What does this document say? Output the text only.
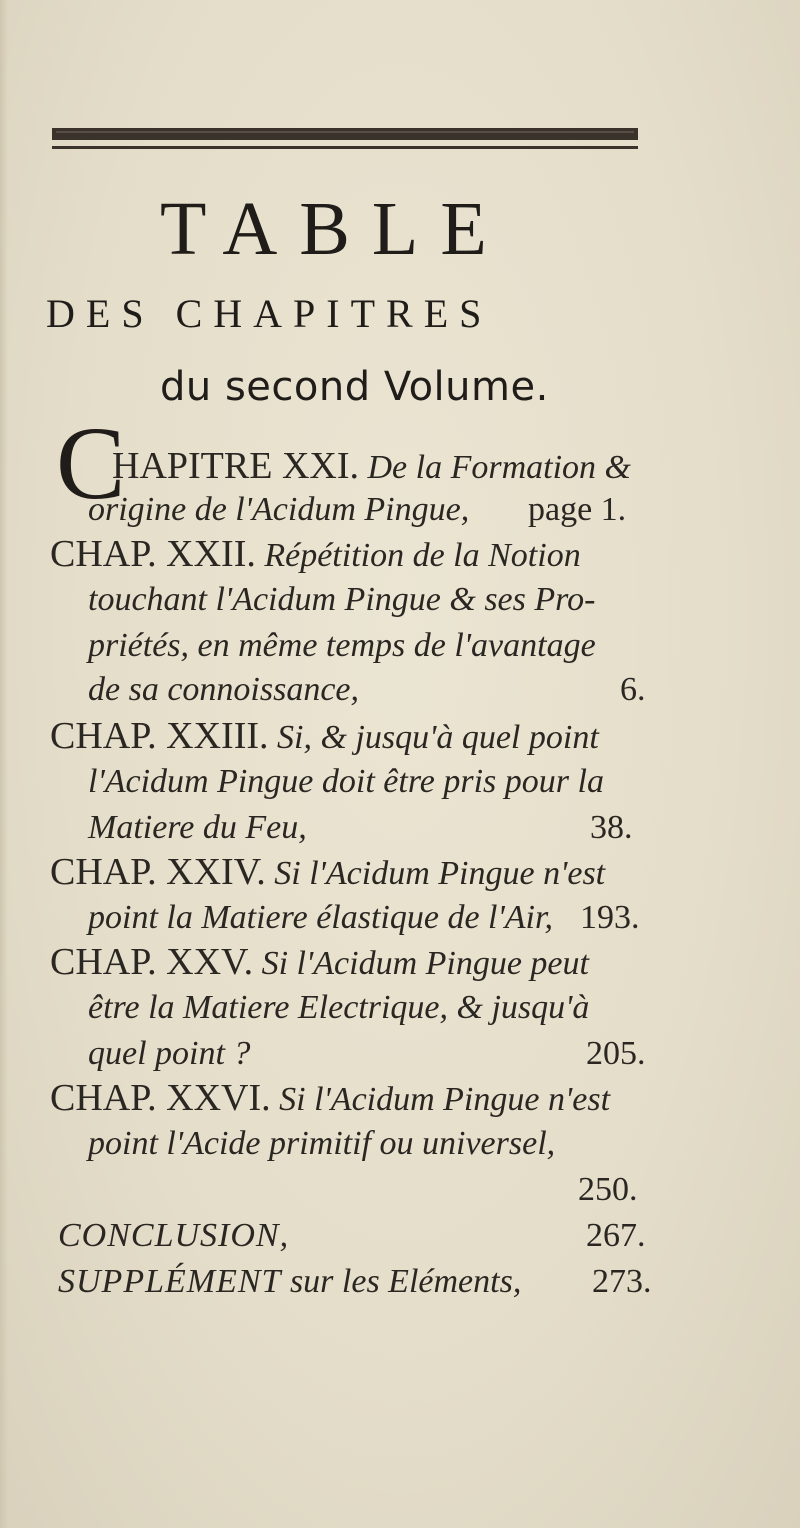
TABLE
DES CHAPITRES
du second Volume.
C
HAPITRE XXI. De la Formation &
origine de l'Acidum Pingue, page 1.
CHAP. XXII. Répétition de la Notion
touchant l'Acidum Pingue & ses Pro-
priétés, en même temps de l'avantage
de sa connoissance,	6.
CHAP. XXIII. Si, & jusqu'à quel point
l'Acidum Pingue doit être pris pour la
Matiere du Feu,	38.
CHAP. XXIV. Si l'Acidum Pingue n'est
point la Matiere élastique de l'Air, 193.
CHAP. XXV. Si l'Acidum Pingue peut
être la Matiere Electrique, & jusqu'à
quel point ?	205.
CHAP. XXVI. Si l'Acidum Pingue n'est
point l'Acide primitif ou universel,
250.
CONCLUSION,	267.
SUPPLÉMENT sur les Eléments, 273.
